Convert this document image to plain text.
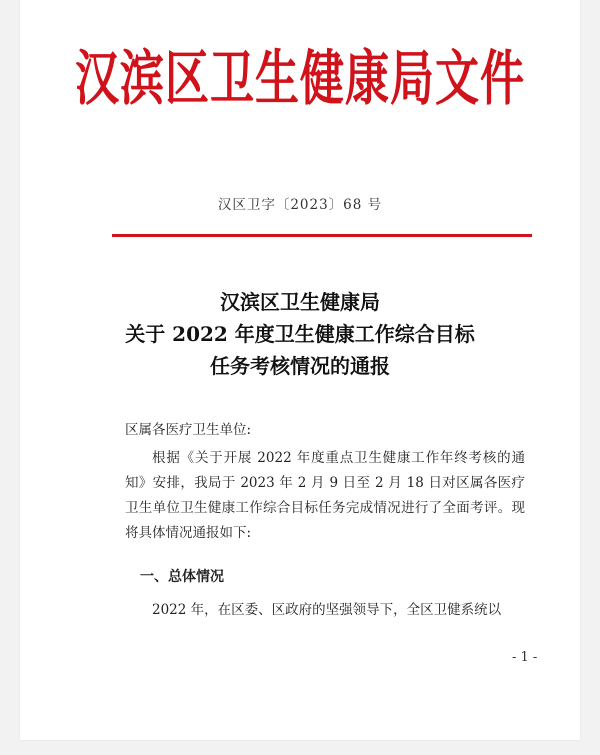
汉滨区卫生健康局文件
汉区卫字〔2023〕68 号
汉滨区卫生健康局
关于 2022 年度卫生健康工作综合目标
任务考核情况的通报
区属各医疗卫生单位:
根据《关于开展 2022 年度重点卫生健康工作年终考核的通知》安排，我局于 2023 年 2 月 9 日至 2 月 18 日对区属各医疗卫生单位卫生健康工作综合目标任务完成情况进行了全面考评。现将具体情况通报如下:
一、总体情况
2022 年，在区委、区政府的坚强领导下，全区卫健系统以
- 1 -
